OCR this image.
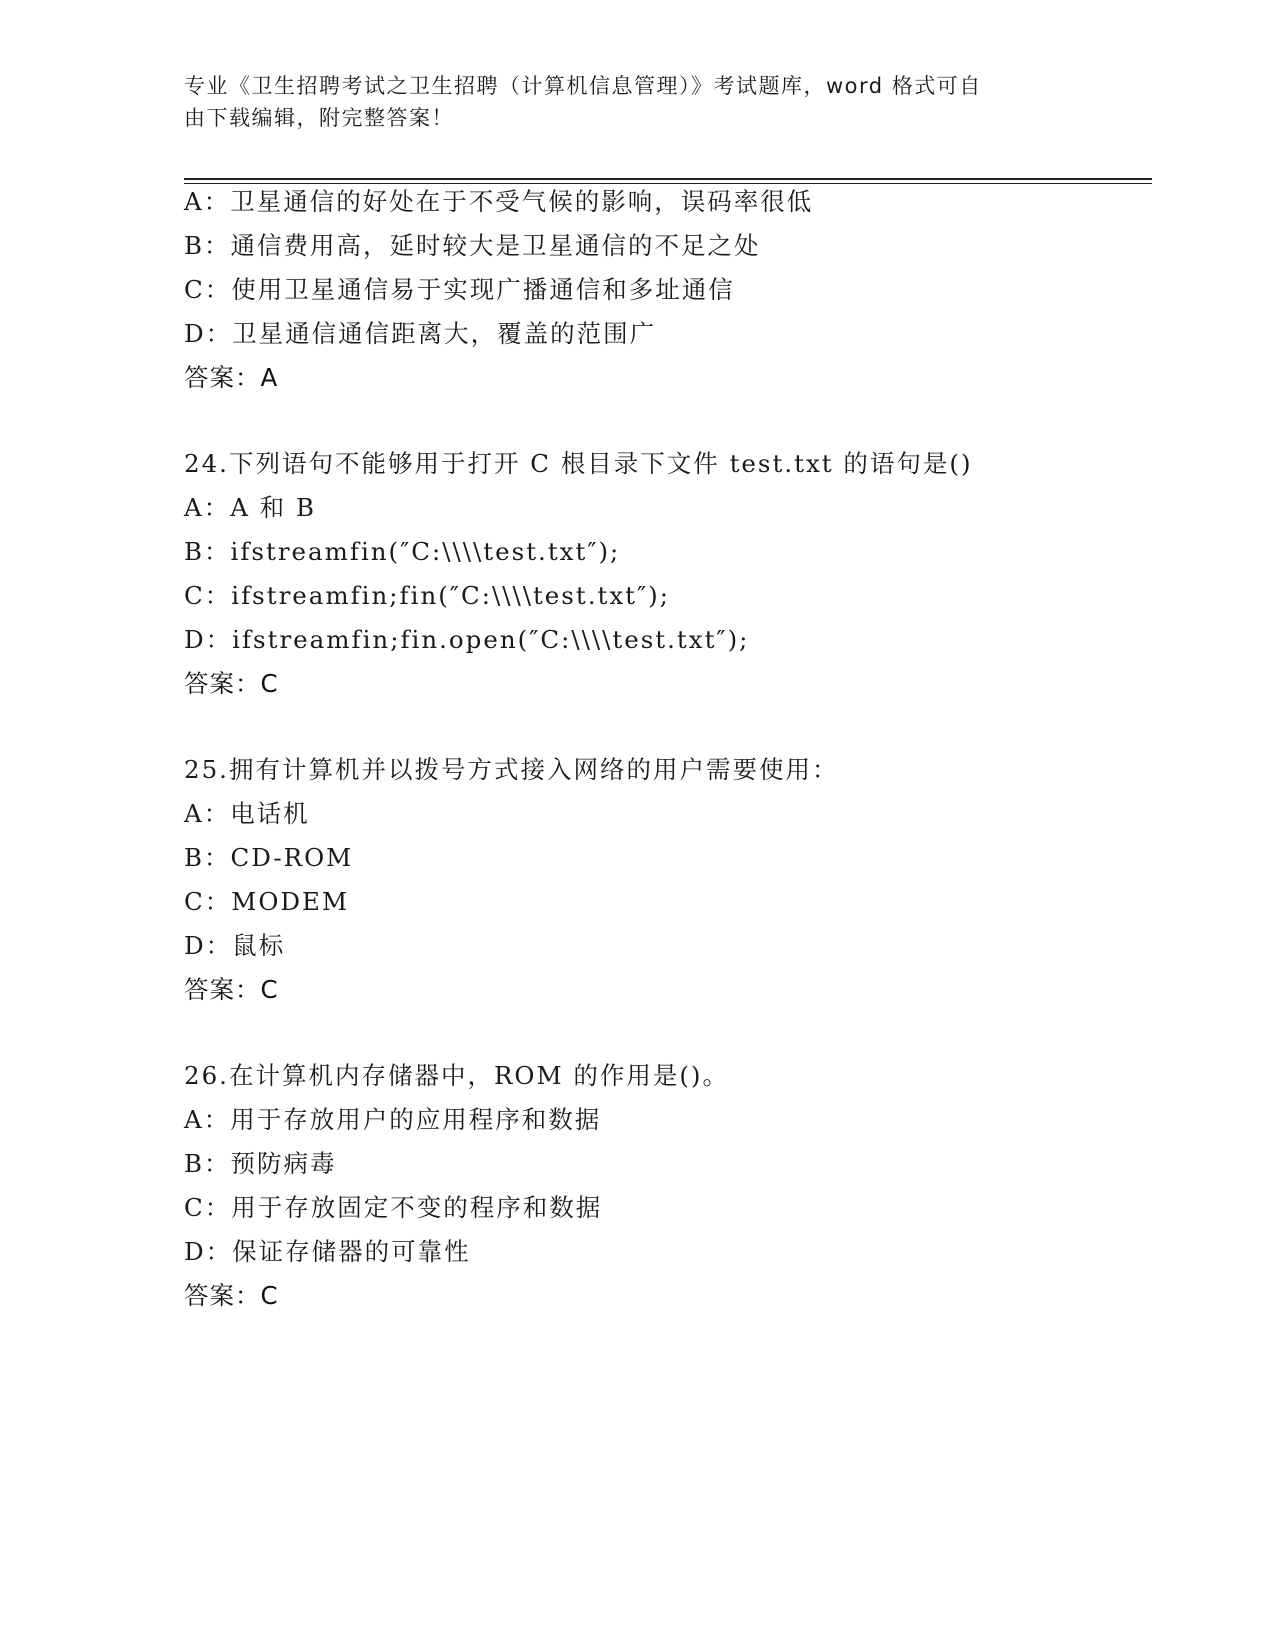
专业《卫生招聘考试之卫生招聘（计算机信息管理）》考试题库，word 格式可自
由下载编辑，附完整答案！
A：卫星通信的好处在于不受气候的影响，误码率很低
B：通信费用高，延时较大是卫星通信的不足之处
C：使用卫星通信易于实现广播通信和多址通信
D：卫星通信通信距离大，覆盖的范围广
答案：A
24.下列语句不能够用于打开 C 根目录下文件 test.txt 的语句是()
A：A 和 B
B：ifstreamfin(″C:\\\\test.txt″);
C：ifstreamfin;fin(″C:\\\\test.txt″);
D：ifstreamfin;fin.open(″C:\\\\test.txt″);
答案：C
25.拥有计算机并以拨号方式接入网络的用户需要使用：
A：电话机
B：CD-ROM
C：MODEM
D：鼠标
答案：C
26.在计算机内存储器中，ROM 的作用是()。
A：用于存放用户的应用程序和数据
B：预防病毒
C：用于存放固定不变的程序和数据
D：保证存储器的可靠性
答案：C
